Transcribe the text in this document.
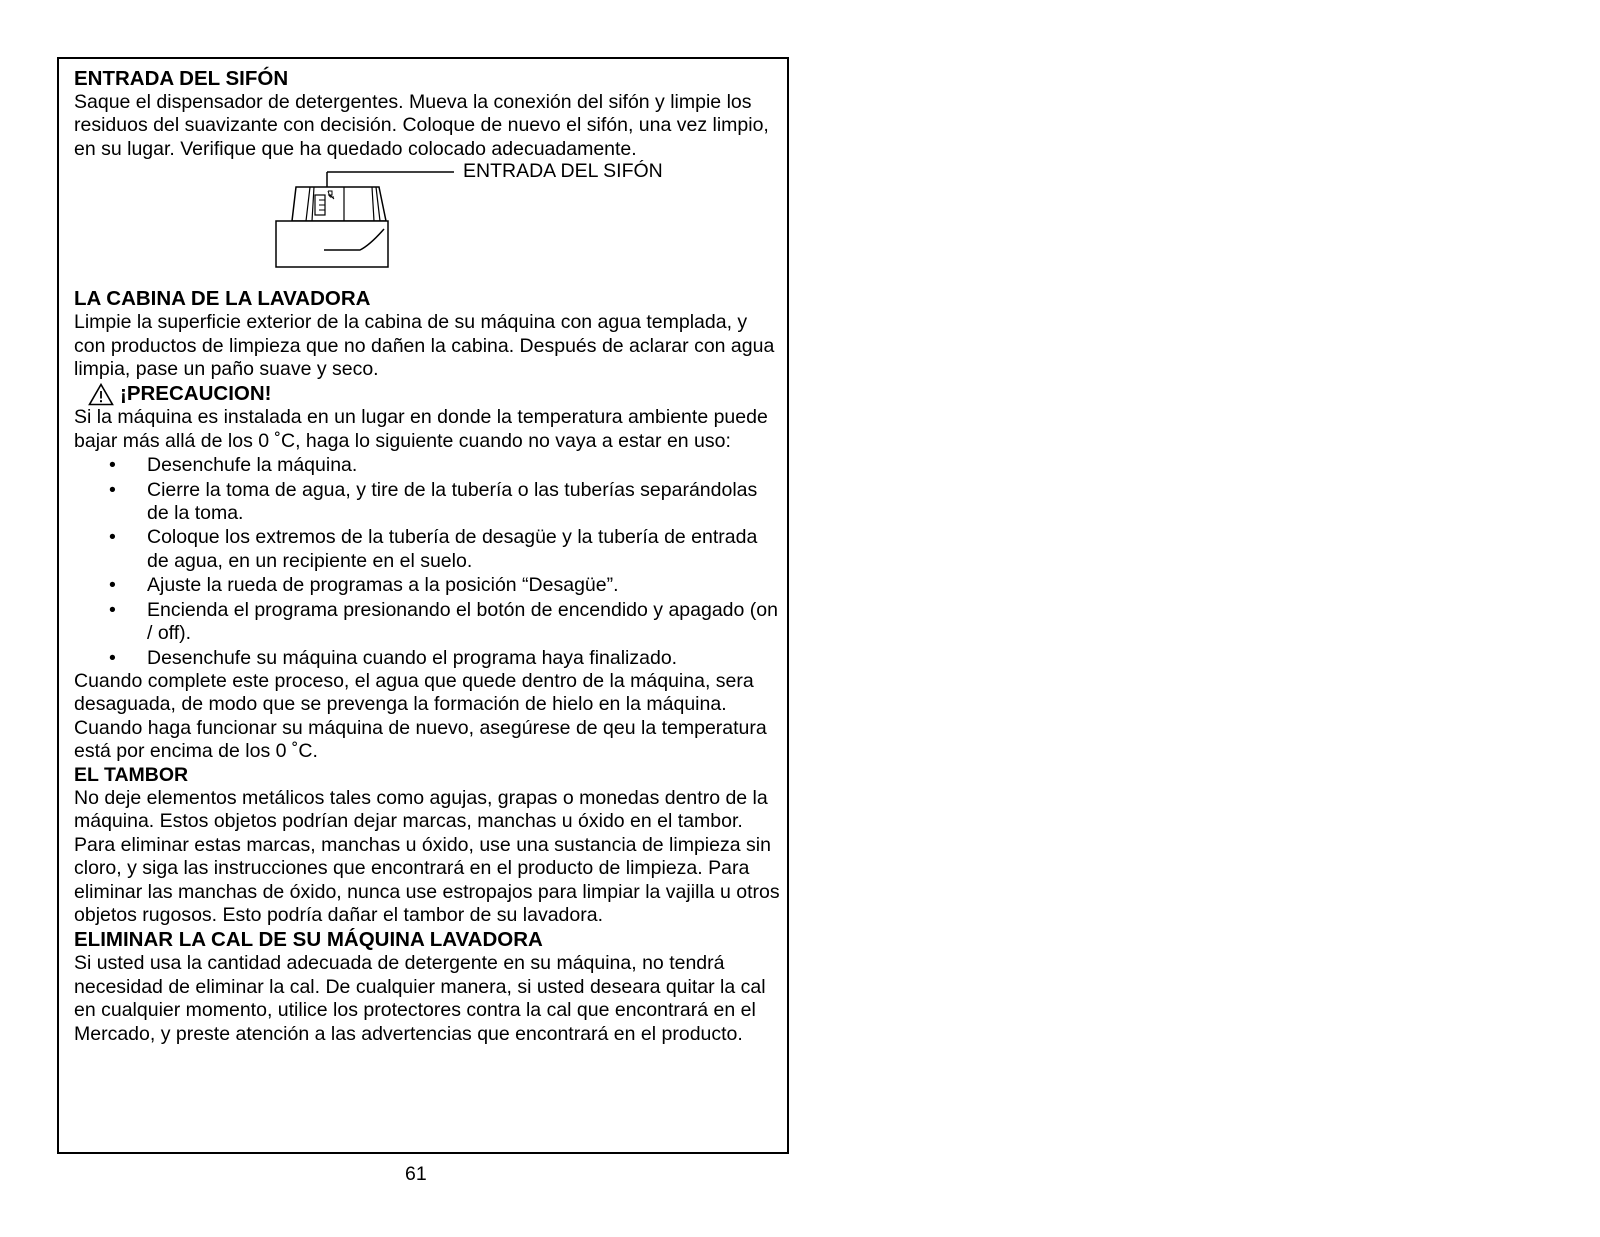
ENTRADA DEL SIFÓN

Saque el dispensador de detergentes. Mueva la conexión del sifón y limpie los residuos del suavizante con decisión. Coloque de nuevo el sifón, una vez limpio, en su lugar. Verifique que ha quedado colocado adecuadamente.

ENTRADA DEL SIFÓN
LA CABINA DE LA LAVADORA

Limpie la superficie exterior de la cabina de su máquina con agua templada, y con productos de limpieza que no dañen la cabina. Después de aclarar con agua limpia, pase un paño suave y seco.

¡PRECAUCION!

Si la máquina es instalada en un lugar en donde la temperatura ambiente puede bajar más allá de los 0 ˚C, haga lo siguiente cuando no vaya a estar en uso:

• Desenchufe la máquina.
• Cierre la toma de agua, y tire de la tubería o las tuberías separándolas de la toma.
• Coloque los extremos de la tubería de desagüe y la tubería de entrada de agua, en un recipiente en el suelo.
• Ajuste la rueda de programas a la posición “Desagüe”.
• Encienda el programa presionando el botón de encendido y apagado (on / off).
• Desenchufe su máquina cuando el programa haya finalizado.

Cuando complete este proceso, el agua que quede dentro de la máquina, sera desaguada, de modo que se prevenga la formación de hielo en la máquina. Cuando haga funcionar su máquina de nuevo, asegúrese de qeu la temperatura está por encima de los 0 ˚C.

EL TAMBOR

No deje elementos metálicos tales como agujas, grapas o monedas dentro de la máquina. Estos objetos podrían dejar marcas, manchas u óxido en el tambor. Para eliminar estas marcas, manchas u óxido, use una sustancia de limpieza sin cloro, y siga las instrucciones que encontrará en el producto de limpieza. Para eliminar las manchas de óxido, nunca use estropajos para limpiar la vajilla u otros objetos rugosos. Esto podría dañar el tambor de su lavadora.

ELIMINAR LA CAL DE SU MÁQUINA LAVADORA

Si usted usa la cantidad adecuada de detergente en su máquina, no tendrá necesidad de eliminar la cal. De cualquier manera, si usted deseara quitar la cal en cualquier momento, utilice los protectores contra la cal que encontrará en el Mercado, y preste atención a las advertencias que encontrará en el producto.

61
